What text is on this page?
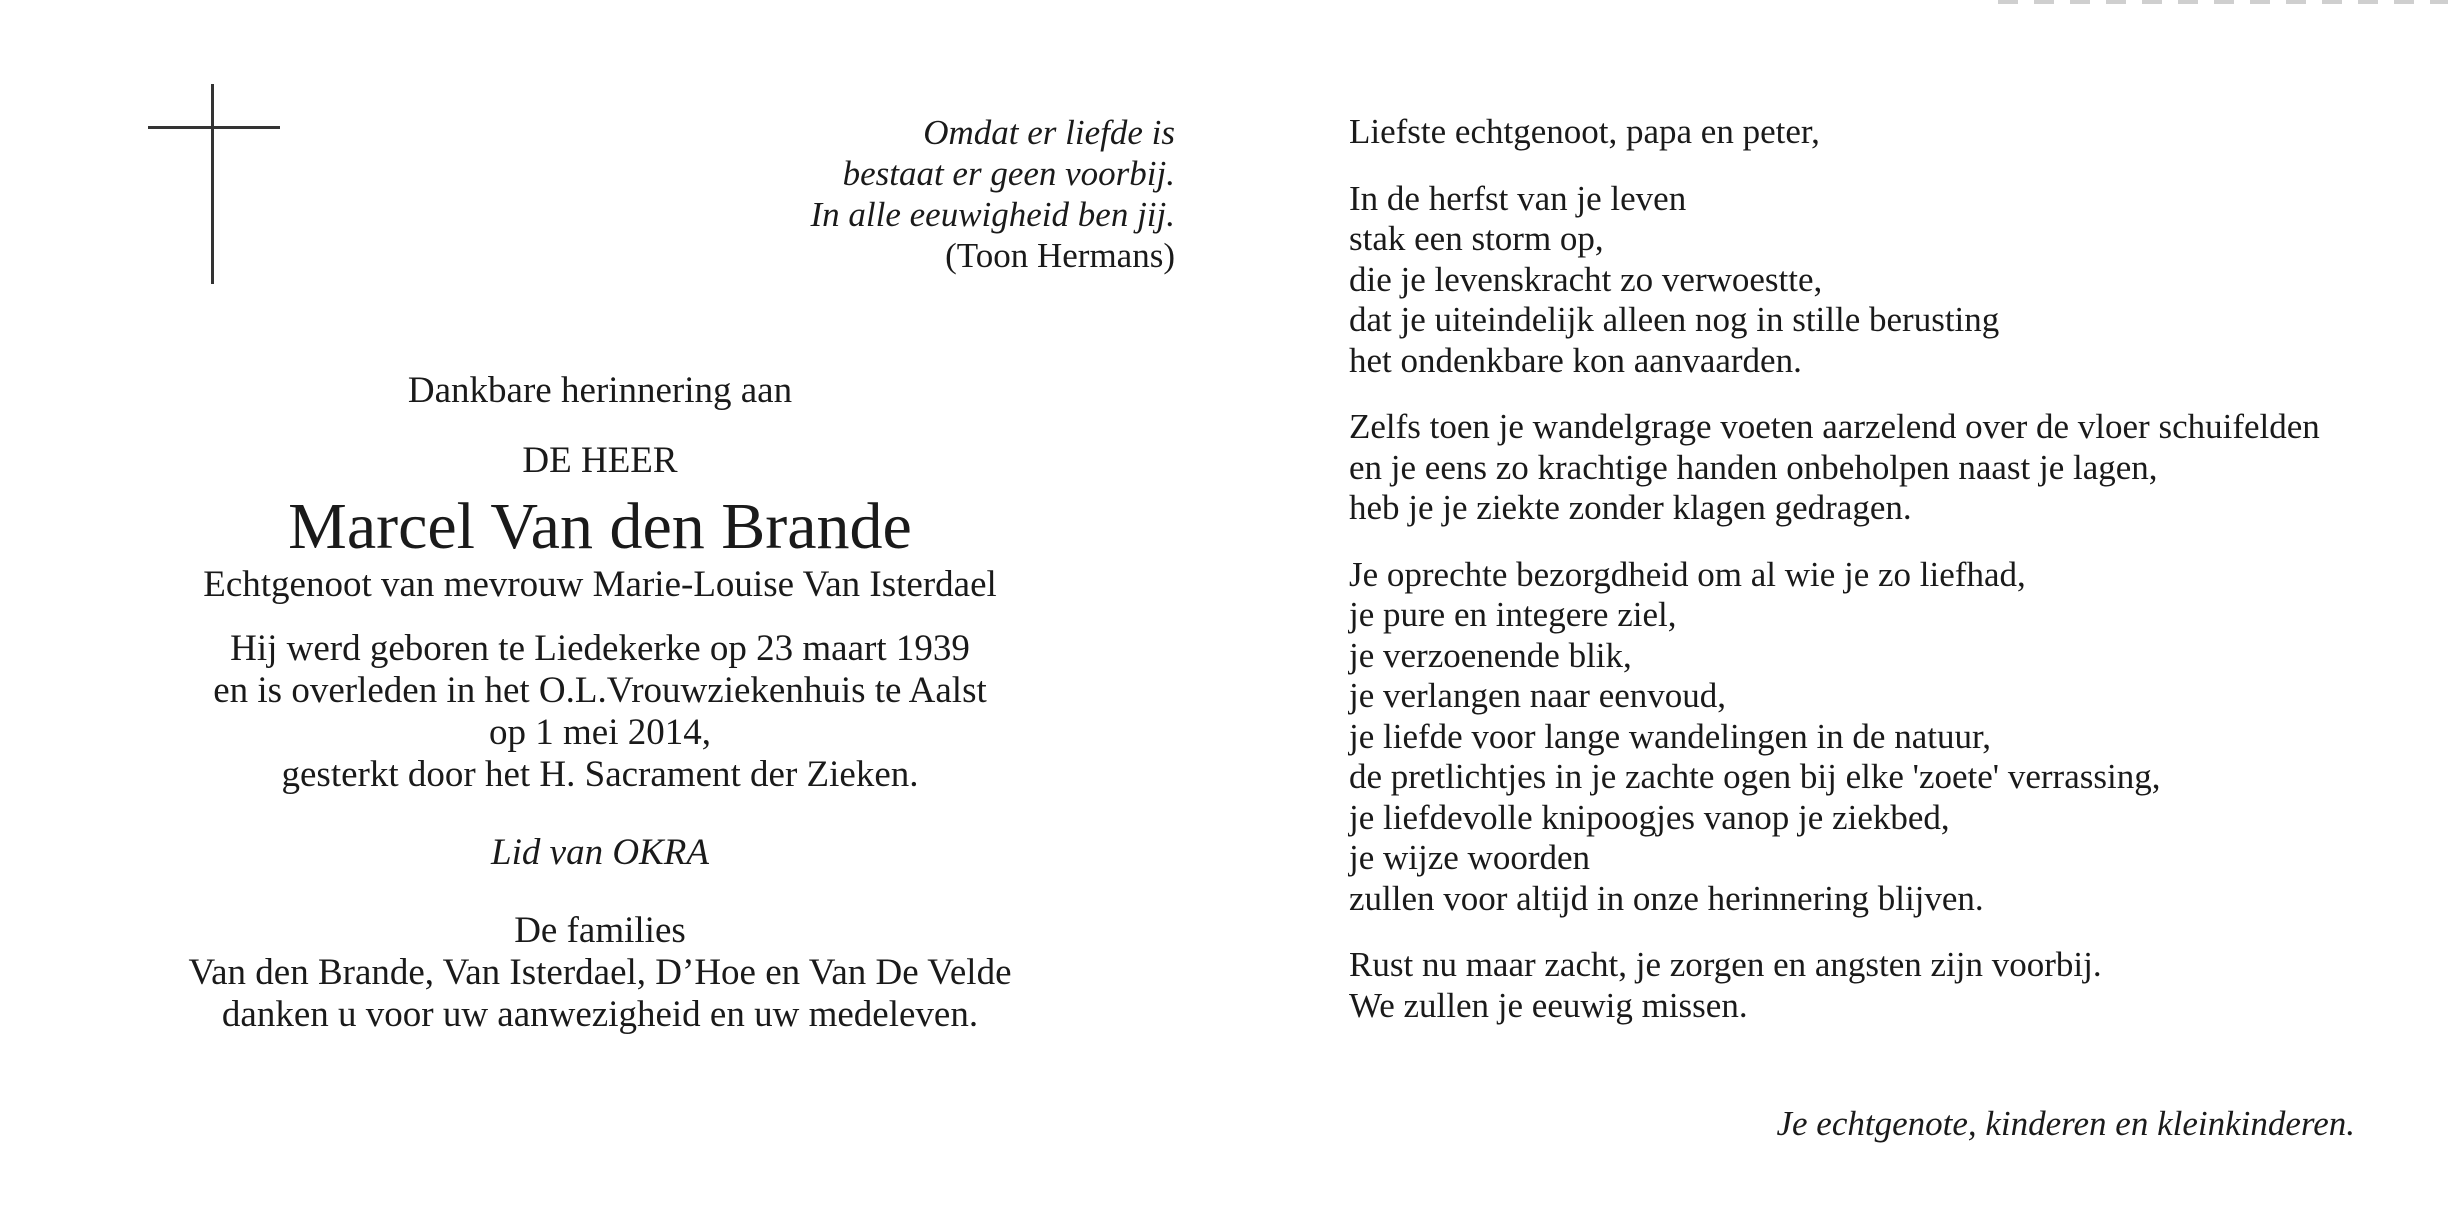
Omdat er liefde is
bestaat er geen voorbij.
In alle eeuwigheid ben jij.
(Toon Hermans)
Dankbare herinnering aan
DE HEER
Marcel Van den Brande
Echtgenoot van mevrouw Marie-Louise Van Isterdael
Hij werd geboren te Liedekerke op 23 maart 1939
en is overleden in het O.L.Vrouwziekenhuis te Aalst
op 1 mei 2014,
gesterkt door het H. Sacrament der Zieken.
Lid van OKRA
De families
Van den Brande, Van Isterdael, D’Hoe en Van De Velde
danken u voor uw aanwezigheid en uw medeleven.
Liefste echtgenoot, papa en peter,
In de herfst van je leven
stak een storm op,
die je levenskracht zo verwoestte,
dat je uiteindelijk alleen nog in stille berusting
het ondenkbare kon aanvaarden.
Zelfs toen je wandelgrage voeten aarzelend over de vloer schuifelden
en je eens zo krachtige handen onbeholpen naast je lagen,
heb je je ziekte zonder klagen gedragen.
Je oprechte bezorgdheid om al wie je zo liefhad,
je pure en integere ziel,
je verzoenende blik,
je verlangen naar eenvoud,
je liefde voor lange wandelingen in de natuur,
de pretlichtjes in je zachte ogen bij elke 'zoete' verrassing,
je liefdevolle knipoogjes vanop je ziekbed,
je wijze woorden
zullen voor altijd in onze herinnering blijven.
Rust nu maar zacht, je zorgen en angsten zijn voorbij.
We zullen je eeuwig missen.
Je echtgenote, kinderen en kleinkinderen.
